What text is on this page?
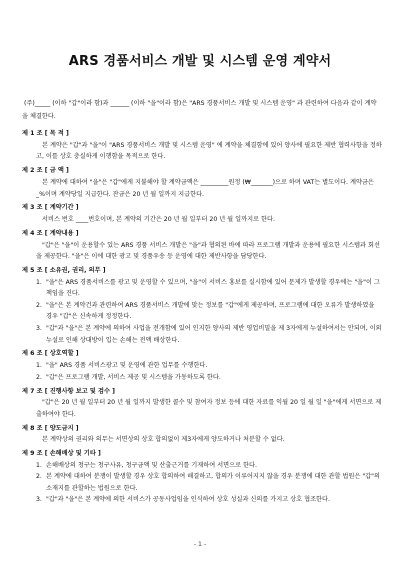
ARS 경품서비스 개발 및 시스템 운영 계약서
(주)_____ (이하 "갑"이라 함)과 ______ (이하 "을"이라 함)은 "ARS 경품서비스 개발 및 시스템 운영" 과 관련하여 다음과 같이 계약을 체결한다.
제 1 조 [ 목 적 ]
본 계약은 "갑"과 "을"이 "ARS 경품서비스 개발 및 시스템 운영" 에 계약을 체결함에 있어 양사에 필요한 제반 협력사항을 정하고, 이를 상호 충실하게 이행함을 목적으로 한다.
제 2 조 [ 금 액 ]
본 계약에 대하여 "을"은 "갑"에게 지불해야 할 계약금액은 _________원정 (₩_______)으로 하며 VAT는 별도이다. 계약금은 _%이며 계약당일 지급한다. 잔금은 20 년 월 일까지 지급한다.
제 3 조 [ 계약기간 ]
서비스 번호 ____번호이며, 본 계약의 기간은 20 년 월 일부터 20 년 월 일까지로 한다.
제 4 조 [ 계약내용 ]
"갑"은 "을"이 운용할수 있는 ARS 경품 서비스 개발은 "을"과 협의된 바에 따라 프로그램 개발과 운용에 필요한 시스템과 회선을 제공한다. "을"은 이에 대한 광고 및 경품우송 등 운영에 대한 제반사항을 담당한다.
제 5 조 [ 소유권, 권리, 의무 ]
1. "을"은 ARS 경품서비스를 광고 및 운영할 수 있으며, "을"이 서비스 홍보를 실시함에 있어 문제가 발생할 경우에는 "을"이 그 책임을 진다.
2. "을"은 본 계약건과 관련하여 ARS 경품서비스 개발에 맞는 정보를 "갑"에게 제공하며, 프로그램에 대한 오류가 발생하였을 경우 "갑"은 신속하게 정정한다.
3. "갑"과 "을"은 본 계약에 의하여 사업을 전개함에 있어 인지한 양사의 제반 영업비밀을 제 3자에게 누설하여서는 안되며, 이외 누설로 인해 상대방이 입는 손해는 전액 배상한다.
제 6 조 [ 상호역할 ]
1. "을" ARS 경품 서비스광고 및 운영에 관한 업무를 수행한다.
2. "갑"은 프로그램 개발, 서비스 제공 및 시스템을 가동하도록 한다.
제 7 조 [ 진행사항 보고 및 검수 ]
"갑"은 20 년 월 일부터 20 년 월 일까지 발생한 콜수 및 참여자 정보 등에 대한 자료를 익월 20 일 월 일 "을"에게 서면으로 제출하여야 한다.
제 8 조 [ 양도금지 ]
본 계약상의 권리와 의무는 서면상의 상호 합의없이 제3자에게 양도하거나 처분할 수 없다.
제 9 조 [ 손해배상 및 기타 ]
1. 손해배상의 청구는 청구사유, 청구금액 및 산출근거를 기재하여 서면으로 한다.
2. 본 계약에 대하여 분쟁이 발생할 경우 상호 합의하여 해결하고, 합의가 이루어지지 않을 경우 분쟁에 대한 관할 법원은 "갑"의 소재지를 관할하는 법원으로 한다.
3. "갑"과 "을"은 본 계약에 의한 서비스가 공동사업임을 인식하여 상호 성실과 신의를 가지고 상호 협조한다.
- 1 -
